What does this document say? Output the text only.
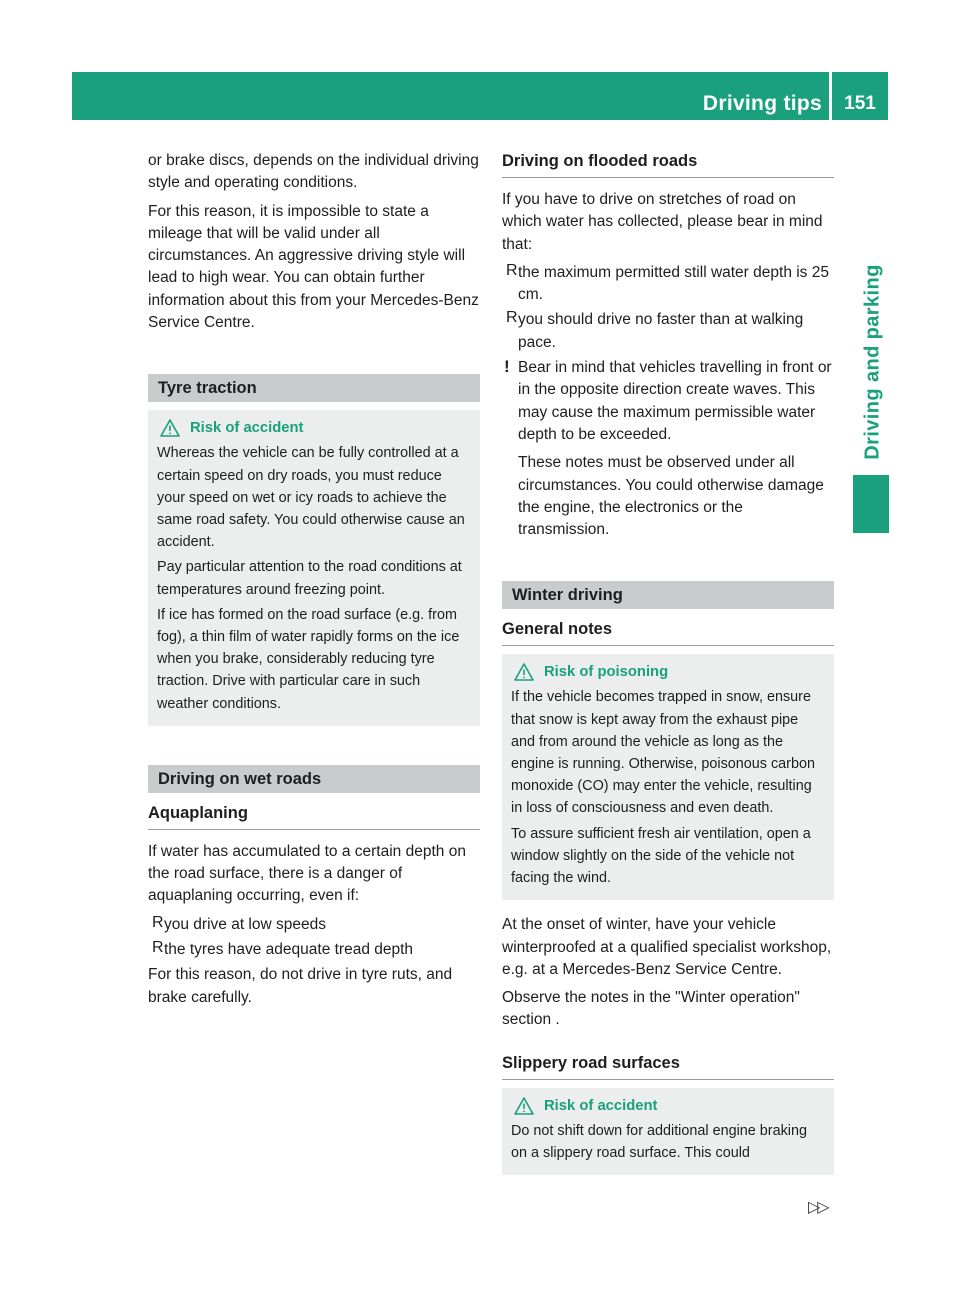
Driving tips	151
Driving and parking

or brake discs, depends on the individual driving style and operating conditions.

For this reason, it is impossible to state a mileage that will be valid under all circumstances. An aggressive driving style will lead to high wear. You can obtain further information about this from your Mercedes-Benz Service Centre.

Tyre traction
Risk of accident

Whereas the vehicle can be fully controlled at a certain speed on dry roads, you must reduce your speed on wet or icy roads to achieve the same road safety. You could otherwise cause an accident.

Pay particular attention to the road conditions at temperatures around freezing point.

If ice has formed on the road surface (e.g. from fog), a thin film of water rapidly forms on the ice when you brake, considerably reducing tyre traction. Drive with particular care in such weather conditions.

Driving on wet roads
Aquaplaning

If water has accumulated to a certain depth on the road surface, there is a danger of aquaplaning occurring, even if:

R you drive at low speeds

R the tyres have adequate tread depth

For this reason, do not drive in tyre ruts, and brake carefully.

Driving on flooded roads

If you have to drive on stretches of road on which water has collected, please bear in mind that:

R the maximum permitted still water depth is 25 cm.

R you should drive no faster than at walking pace.

! Bear in mind that vehicles travelling in front or in the opposite direction create waves. This may cause the maximum permissible water depth to be exceeded.

These notes must be observed under all circumstances. You could otherwise damage the engine, the electronics or the transmission.

Winter driving
General notes
Risk of poisoning

If the vehicle becomes trapped in snow, ensure that snow is kept away from the exhaust pipe and from around the vehicle as long as the engine is running. Otherwise, poisonous carbon monoxide (CO) may enter the vehicle, resulting in loss of consciousness and even death.

To assure sufficient fresh air ventilation, open a window slightly on the side of the vehicle not facing the wind.

At the onset of winter, have your vehicle winterproofed at a qualified specialist workshop, e.g. at a Mercedes-Benz Service Centre.

Observe the notes in the "Winter operation" section .

Slippery road surfaces
Risk of accident

Do not shift down for additional engine braking on a slippery road surface. This could

▷▷
